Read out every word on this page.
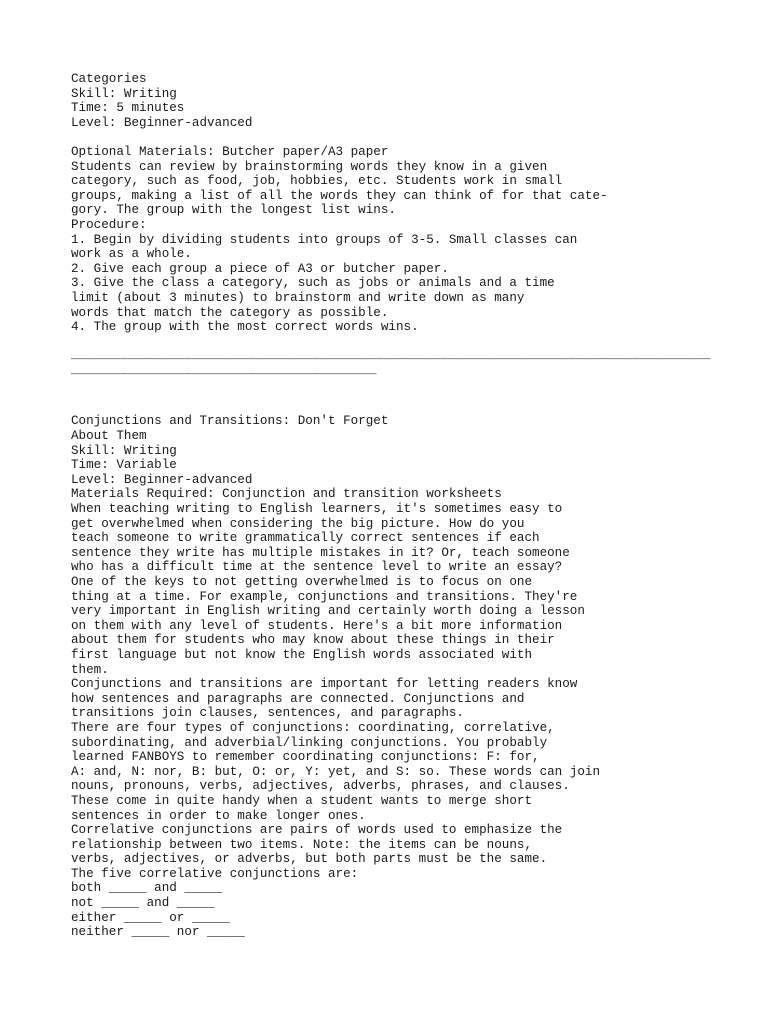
Categories
Skill: Writing
Time: 5 minutes
Level: Beginner-advanced
Optional Materials: Butcher paper/A3 paper
Students can review by brainstorming words they know in a given
category, such as food, job, hobbies, etc. Students work in small
groups, making a list of all the words they can think of for that cate-
gory. The group with the longest list wins.
Procedure:
1. Begin by dividing students into groups of 3-5. Small classes can
work as a whole.
2. Give each group a piece of A3 or butcher paper.
3. Give the class a category, such as jobs or animals and a time
limit (about 3 minutes) to brainstorm and write down as many
words that match the category as possible.
4. The group with the most correct words wins.
__________________________________________________________________________________________
___________________________________________
Conjunctions and Transitions: Don't Forget
About Them
Skill: Writing
Time: Variable
Level: Beginner-advanced
Materials Required: Conjunction and transition worksheets
When teaching writing to English learners, it's sometimes easy to
get overwhelmed when considering the big picture. How do you
teach someone to write grammatically correct sentences if each
sentence they write has multiple mistakes in it? Or, teach someone
who has a difficult time at the sentence level to write an essay?
One of the keys to not getting overwhelmed is to focus on one
thing at a time. For example, conjunctions and transitions. They're
very important in English writing and certainly worth doing a lesson
on them with any level of students. Here's a bit more information
about them for students who may know about these things in their
first language but not know the English words associated with
them.
Conjunctions and transitions are important for letting readers know
how sentences and paragraphs are connected. Conjunctions and
transitions join clauses, sentences, and paragraphs.
There are four types of conjunctions: coordinating, correlative,
subordinating, and adverbial/linking conjunctions. You probably
learned FANBOYS to remember coordinating conjunctions: F: for,
A: and, N: nor, B: but, O: or, Y: yet, and S: so. These words can join
nouns, pronouns, verbs, adjectives, adverbs, phrases, and clauses.
These come in quite handy when a student wants to merge short
sentences in order to make longer ones.
Correlative conjunctions are pairs of words used to emphasize the
relationship between two items. Note: the items can be nouns,
verbs, adjectives, or adverbs, but both parts must be the same.
The five correlative conjunctions are:
both _____ and _____
not _____ and _____
either _____ or _____
neither _____ nor _____
